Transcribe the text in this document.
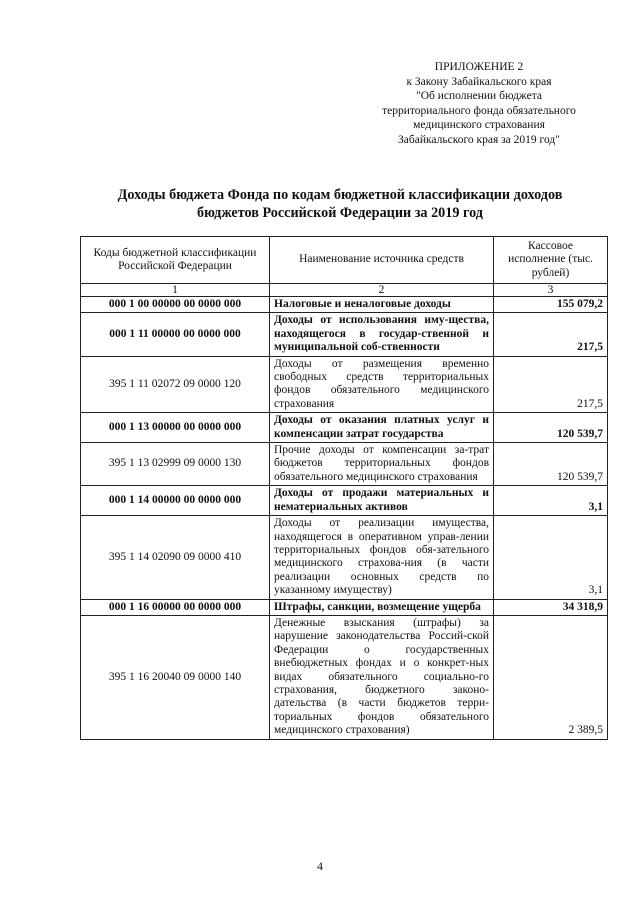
ПРИЛОЖЕНИЕ 2
к Закону Забайкальского края
"Об исполнении бюджета
территориального фонда обязательного
медицинского страхования
Забайкальского края за 2019 год"
Доходы бюджета Фонда по кодам бюджетной классификации доходов
бюджетов Российской Федерации за 2019 год
Коды бюджетной классификации Российской Федерации	Наименование источника средств	Кассовое исполнение (тыс. рублей)
1	2	3
000 1 00 00000 00 0000 000	Налоговые и неналоговые доходы	155 079,2
000 1 11 00000 00 0000 000	Доходы от использования иму-щества, находящегося в государ-ственной и муниципальной соб-ственности	217,5
395 1 11 02072 09 0000 120	Доходы от размещения временно свободных средств территориальных фондов обязательного медицинского страхования	217,5
000 1 13 00000 00 0000 000	Доходы от оказания платных услуг и компенсации затрат государства	120 539,7
395 1 13 02999 09 0000 130	Прочие доходы от компенсации за-трат бюджетов территориальных фондов обязательного медицинского страхования	120 539,7
000 1 14 00000 00 0000 000	Доходы от продажи материальных и нематериальных активов	3,1
395 1 14 02090 09 0000 410	Доходы от реализации имущества, находящегося в оперативном управ-лении территориальных фондов обя-зательного медицинского страхова-ния (в части реализации основных средств по указанному имуществу)	3,1
000 1 16 00000 00 0000 000	Штрафы, санкции, возмещение ущерба	34 318,9
395 1 16 20040 09 0000 140	Денежные взыскания (штрафы) за нарушение законодательства Россий-ской Федерации о государственных внебюджетных фондах и о конкрет-ных видах обязательного социально-го страхования, бюджетного законо-дательства (в части бюджетов терри-ториальных фондов обязательного медицинского страхования)	2 389,5
4
